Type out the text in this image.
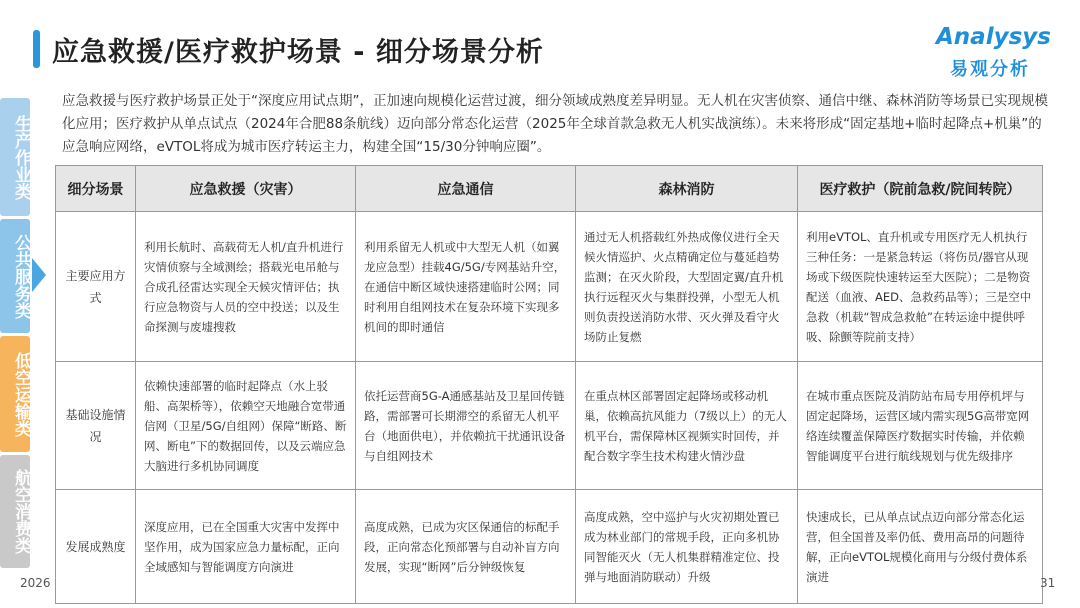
应急救援/医疗救护场景 - 细分场景分析	Analysys
易观分析
应急救援与医疗救护场景正处于“深度应用试点期”，正加速向规模化运营过渡，细分领域成熟度差异明显。无人机在灾害侦察、通信中继、森林消防等场景已实现规模化应用；医疗救护从单点试点（2024年合肥88条航线）迈向部分常态化运营（2025年全球首款急救无人机实战演练）。未来将形成“固定基地+临时起降点+机巢”的应急响应网络，eVTOL将成为城市医疗转运主力，构建全国“15/30分钟响应圈”。
生产作业类
公共服务类
低空运输类
航空消费类
细分场景	应急救援（灾害）	应急通信	森林消防	医疗救护（院前急救/院间转院）
主要应用方式	利用长航时、高载荷无人机/直升机进行灾情侦察与全域测绘；搭载光电吊舱与合成孔径雷达实现全天候灾情评估；执行应急物资与人员的空中投送；以及生命探测与废墟搜救	利用系留无人机或中大型无人机（如翼龙应急型）挂载4G/5G/专网基站升空，在通信中断区域快速搭建临时公网；同时利用自组网技术在复杂环境下实现多机间的即时通信	通过无人机搭载红外热成像仪进行全天候火情巡护、火点精确定位与蔓延趋势监测；在灭火阶段，大型固定翼/直升机执行远程灭火与集群投弹，小型无人机则负责投送消防水带、灭火弹及看守火场防止复燃	利用eVTOL、直升机或专用医疗无人机执行三种任务：一是紧急转运（将伤员/器官从现场或下级医院快速转运至大医院）；二是物资配送（血液、AED、急救药品等）；三是空中急救（机载“智成急救舱”在转运途中提供呼吸、除颤等院前支持）
基础设施情况	依赖快速部署的临时起降点（水上驳船、高架桥等），依赖空天地融合宽带通信网（卫星/5G/自组网）保障“断路、断网、断电”下的数据回传，以及云端应急大脑进行多机协同调度	依托运营商5G-A通感基站及卫星回传链路，需部署可长期滞空的系留无人机平台（地面供电），并依赖抗干扰通讯设备与自组网技术	在重点林区部署固定起降场或移动机巢，依赖高抗风能力（7级以上）的无人机平台，需保障林区视频实时回传，并配合数字孪生技术构建火情沙盘	在城市重点医院及消防站布局专用停机坪与固定起降场，运营区域内需实现5G高带宽网络连续覆盖保障医疗数据实时传输，并依赖智能调度平台进行航线规划与优先级排序
发展成熟度	深度应用，已在全国重大灾害中发挥中坚作用，成为国家应急力量标配，正向全域感知与智能调度方向演进	高度成熟，已成为灾区保通信的标配手段，正向常态化预部署与自动补盲方向发展，实现“断网”后分钟级恢复	高度成熟，空中巡护与火灾初期处置已成为林业部门的常规手段，正向多机协同智能灭火（无人机集群精准定位、投弹与地面消防联动）升级	快速成长，已从单点试点迈向部分常态化运营，但全国普及率仍低、费用高昂的问题待解，正向eVTOL规模化商用与分级付费体系演进
2026	31
